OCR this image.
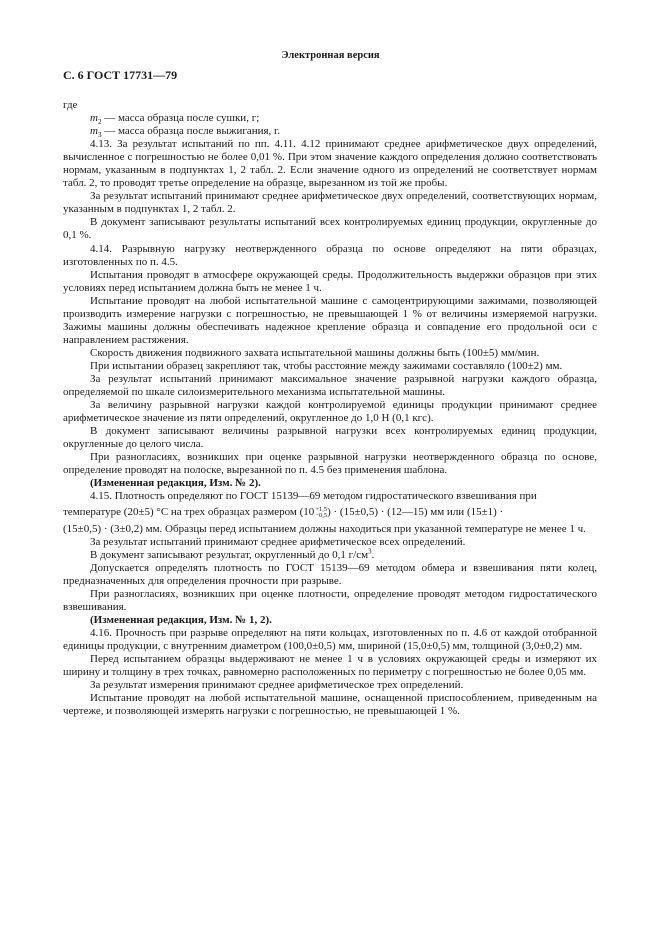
Электронная версия
С. 6 ГОСТ 17731—79

где

$m_2$ — масса образца после сушки, г;

$m_3$ — масса образца после выжигания, г.

4.13. За результат испытаний по пп. 4.11. 4.12 принимают среднее арифметическое двух определений, вычисленное с погрешностью не более 0,01 %. При этом значение каждого определения должно соответствовать нормам, указанным в подпунктах 1, 2 табл. 2. Если значение одного из определений не соответствует нормам табл. 2, то проводят третье определение на образце, вырезанном из той же пробы.

За результат испытаний принимают среднее арифметическое двух определений, соответствующих нормам, указанным в подпунктах 1, 2 табл. 2.

В документ записывают результаты испытаний всех контролируемых единиц продукции, округленные до 0,1 %.

4.14. Разрывную нагрузку неотвержденного образца по основе определяют на пяти образцах, изготовленных по п. 4.5.

Испытания проводят в атмосфере окружающей среды. Продолжительность выдержки образцов при этих условиях перед испытанием должна быть не менее 1 ч.

Испытание проводят на любой испытательной машине с самоцентрирующими зажимами, позволяющей производить измерение нагрузки с погрешностью, не превышающей 1 % от величины измеряемой нагрузки. Зажимы машины должны обеспечивать надежное крепление образца и совпадение его продольной оси с направлением растяжения.

Скорость движения подвижного захвата испытательной машины должны быть (100±5) мм/мин.

При испытании образец закрепляют так, чтобы расстояние между зажимами составляло (100±2) мм.

За результат испытаний принимают максимальное значение разрывной нагрузки каждого образца, определяемой по шкале силоизмерительного механизма испытательной машины.

За величину разрывной нагрузки каждой контролируемой единицы продукции принимают среднее арифметическое значение из пяти определений, округленное до 1,0 Н (0,1 кгс).

В документ записывают величины разрывной нагрузки всех контролируемых единиц продукции, округленные до целого числа.

При разногласиях, возникших при оценке разрывной нагрузки неотвержденного образца по основе, определение проводят на полоске, вырезанной по п. 4.5 без применения шаблона.

(Измененная редакция, Изм. № 2).

4.15. Плотность определяют по ГОСТ 15139—69 методом гидростатического взвешивания при

температуре (20±5) °С на трех образцах размером (10 +1,5
−0,5 ) · (15±0,5) · (12—15) мм или (15±1) ·

(15±0,5) · (3±0,2) мм. Образцы перед испытанием должны находиться при указанной температуре не менее 1 ч.

За результат испытаний принимают среднее арифметическое всех определений.

В документ записывают результат, округленный до 0,1 $г/см^3$.

Допускается определять плотность по ГОСТ 15139—69 методом обмера и взвешивания пяти колец, предназначенных для определения прочности при разрыве.

При разногласиях, возникших при оценке плотности, определение проводят методом гидростатического взвешивания.

(Измененная редакция, Изм. № 1, 2).

4.16. Прочность при разрыве определяют на пяти кольцах, изготовленных по п. 4.6 от каждой отобранной единицы продукции, с внутренним диаметром (100,0±0,5) мм, шириной (15,0±0,5) мм, толщиной (3,0±0,2) мм.

Перед испытанием образцы выдерживают не менее 1 ч в условиях окружающей среды и измеряют их ширину и толщину в трех точках, равномерно расположенных по периметру с погрешностью не более 0,05 мм.

За результат измерения принимают среднее арифметическое трех определений.

Испытание проводят на любой испытательной машине, оснащенной приспособлением, приведенным на чертеже, и позволяющей измерять нагрузки с погрешностью, не превышающей 1 %.
